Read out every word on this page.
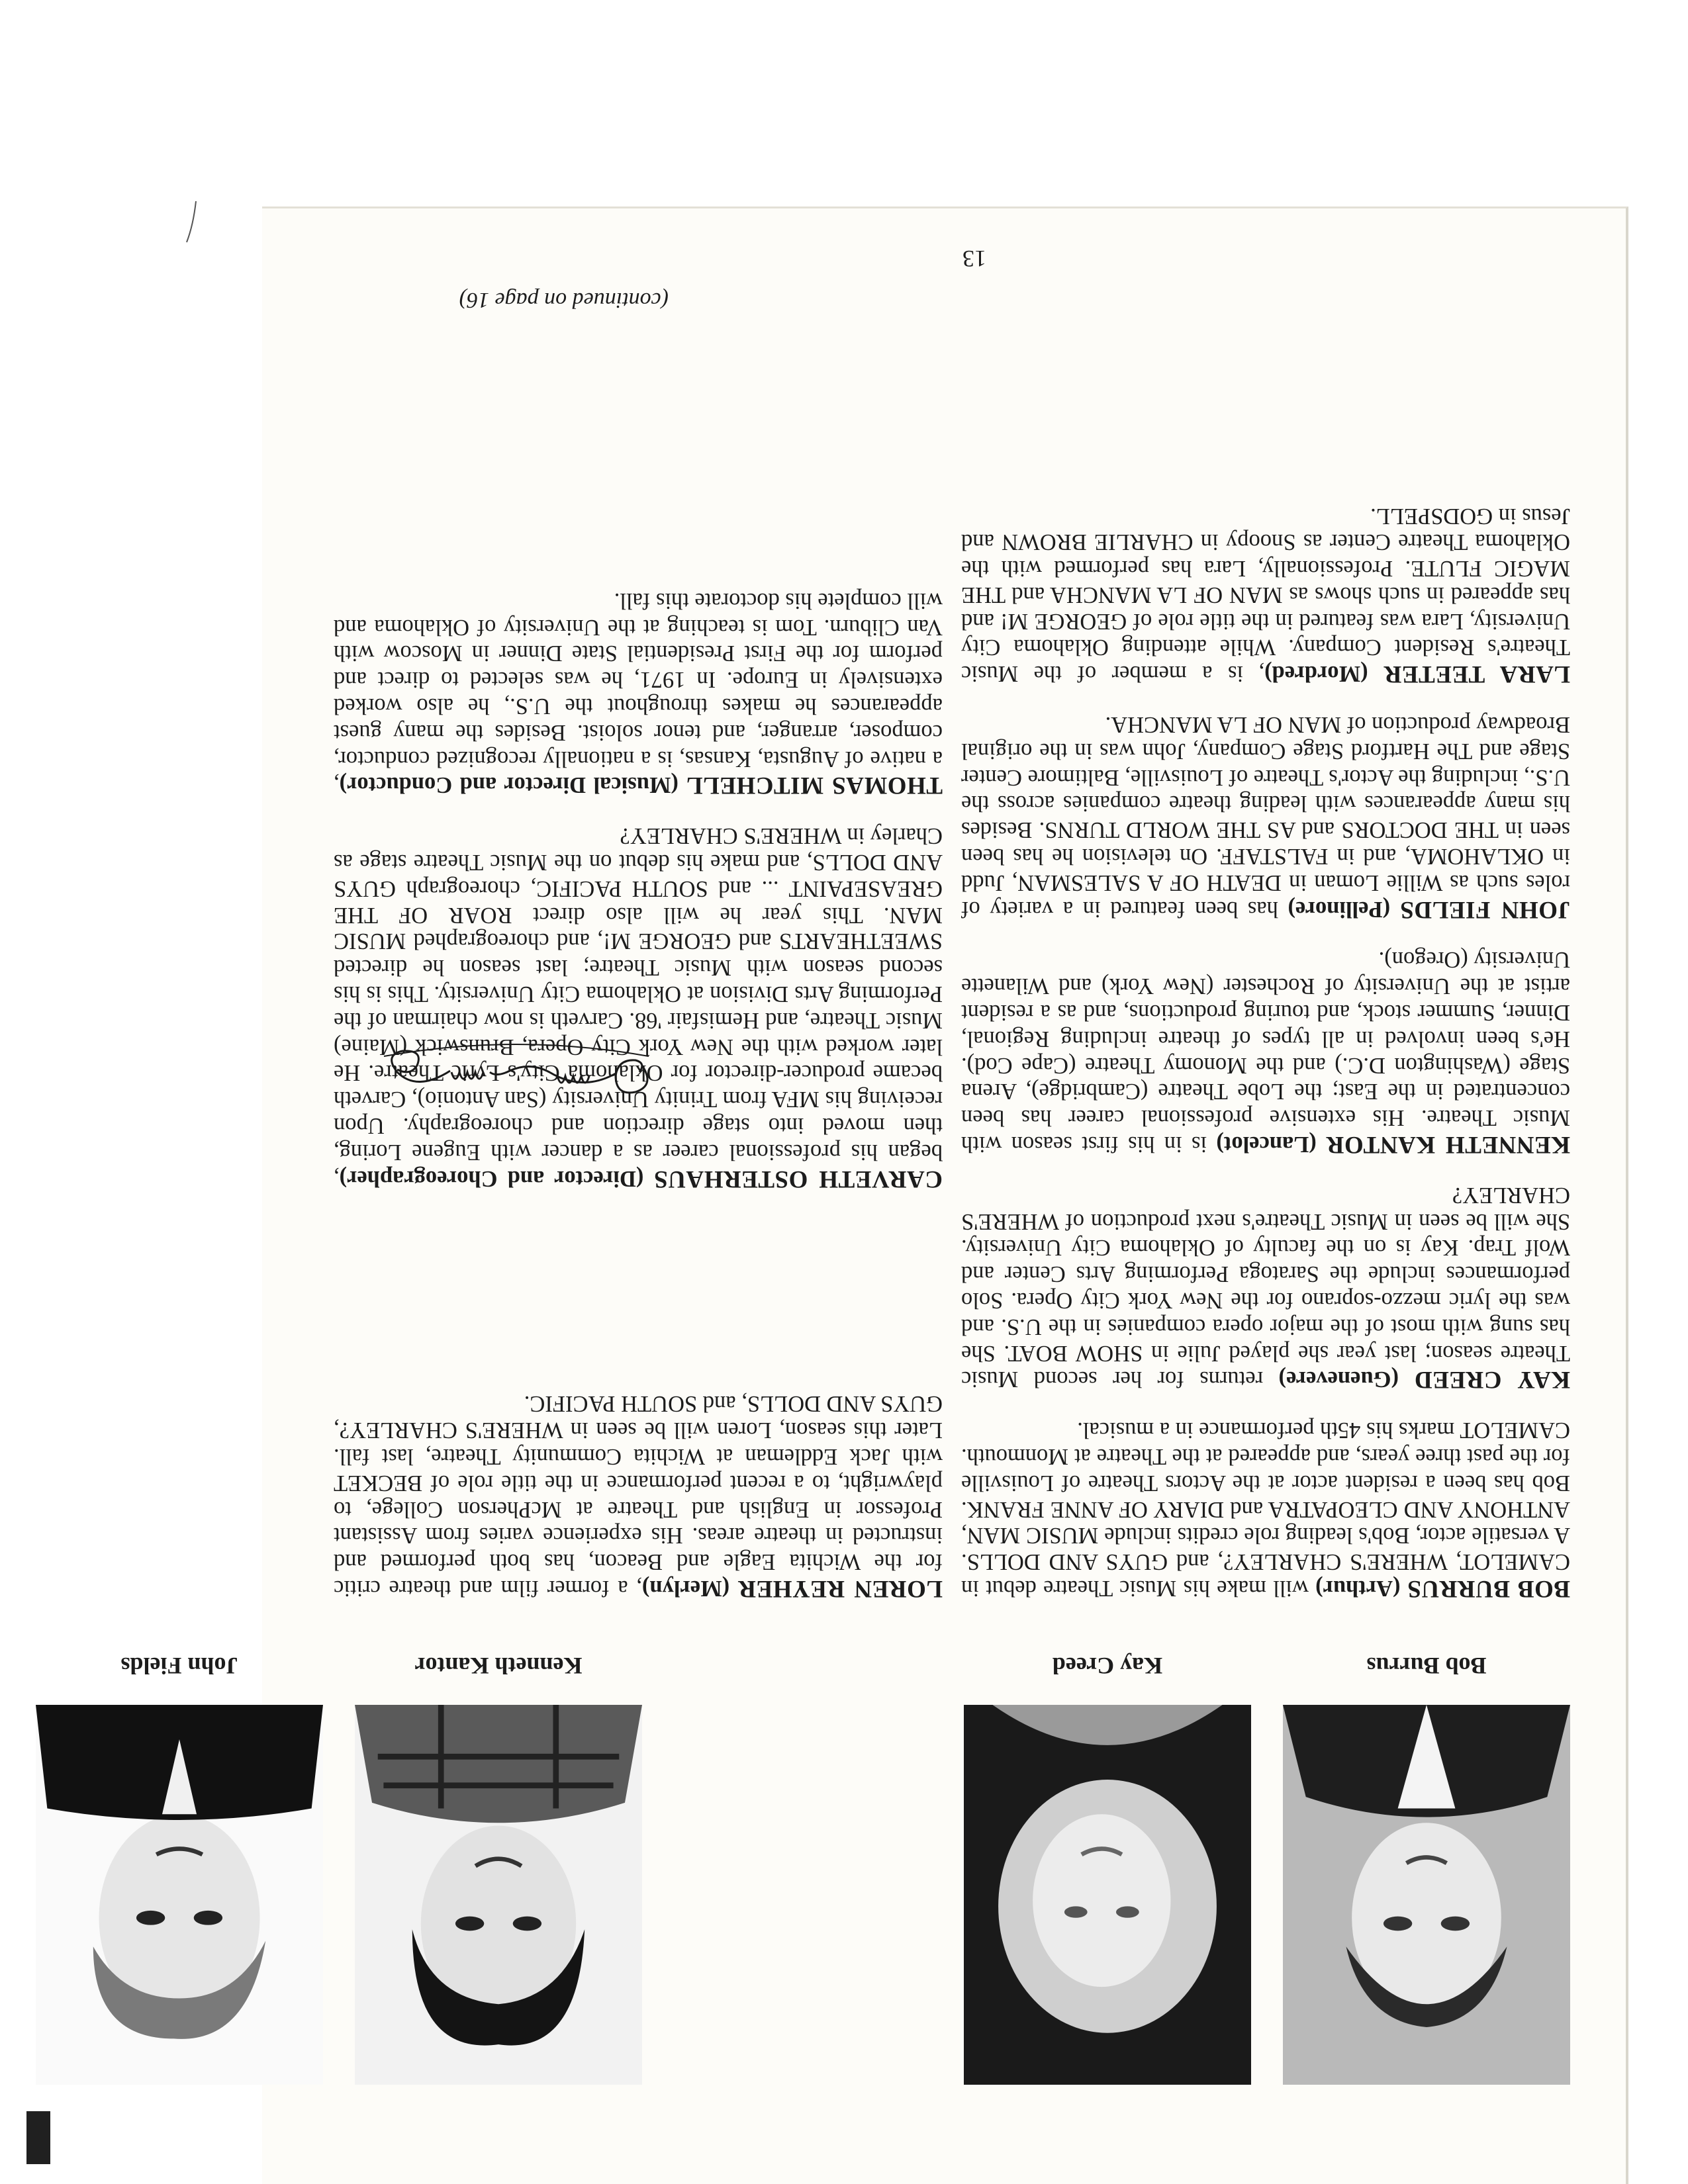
Bob Burrus
Kay Creed
Kenneth Kantor
John Fields

BOB BURRUS (Arthur) will make his Music Theatre debut in CAMELOT, WHERE'S CHARLEY?, and GUYS AND DOLLS. A versatile actor, Bob's leading role credits include MUSIC MAN, ANTHONY AND CLEOPATRA and DIARY OF ANNE FRANK. Bob has been a resident actor at the Actors Theatre of Louisville for the past three years, and appeared at the Theatre at Monmouth. CAMELOT marks his 45th performance in a musical.

KAY CREED (Guenevere) returns for her second Music Theatre season; last year she played Julie in SHOW BOAT. She has sung with most of the major opera companies in the U.S. and was the lyric mezzo-soprano for the New York City Opera. Solo performances include the Saratoga Performing Arts Center and Wolf Trap. Kay is on the faculty of Oklahoma City University. She will be seen in Music Theatre's next production of WHERE'S CHARLEY?

KENNETH KANTOR (Lancelot) is in his first season with Music Theatre. His extensive professional career has been concentrated in the East; the Lobe Theatre (Cambridge), Arena Stage (Washington D.C.) and the Monomy Theatre (Cape Cod). He's been involved in all types of theatre including Regional, Dinner, Summer stock, and touring productions, and as a resident artist at the University of Rochester (New York) and Wilanette University (Oregon).

JOHN FIELDS (Pellinore) has been featured in a variety of roles such as Willie Loman in DEATH OF A SALESMAN, Judd in OKLAHOMA, and in FALSTAFF. On television he has been seen in THE DOCTORS and AS THE WORLD TURNS. Besides his many appearances with leading theatre companies across the U.S., including the Actor's Theatre of Louisville, Baltimore Center Stage and The Hartford Stage Company, John was in the original Broadway production of MAN OF LA MANCHA.

LARA TEETER (Mordred), is a member of the Music Theatre's Resident Company. While attending Oklahoma City University, Lara was featured in the title role of GEORGE M! and has appeared in such shows as MAN OF LA MANCHA and THE MAGIC FLUTE. Professionally, Lara has performed with the Oklahoma Theatre Center as Snoopy in CHARLIE BROWN and Jesus in GODSPELL.

LOREN REYHER (Merlyn), a former film and theatre critic for the Wichita Eagle and Beacon, has both performed and instructed in theatre areas. His experience varies from Assistant Professor in English and Theatre at McPherson College, to playwright, to a recent performance in the title role of BECKET with Jack Eddleman at Wichita Community Theatre, last fall. Later this season, Loren will be seen in WHERE'S CHARLEY?, GUYS AND DOLLS, and SOUTH PACIFIC.

CARVETH OSTERHAUS (Director and Choreographer), began his professional career as a dancer with Eugene Loring, then moved into stage direction and choreography. Upon receiving his MFA from Trinity University (San Antonio), Carveth became producer-director for Oklahoma City's Lyric Theatre. He later worked with the New York City Opera, Brunswick (Maine) Music Theatre, and Hemisfair '68. Carveth is now chairman of the Performing Arts Division at Oklahoma City University. This is his second season with Music Theatre; last season he directed SWEETHEARTS and GEORGE M!, and choreographed MUSIC MAN. This year he will also direct ROAR OF THE GREASEPAINT ... and SOUTH PACIFIC, choreograph GUYS AND DOLLS, and make his debut on the Music Theatre stage as Charley in WHERE'S CHARLEY?

THOMAS MITCHELL (Musical Director and Conductor), a native of Augusta, Kansas, is a nationally recognized conductor, composer, arranger, and tenor soloist. Besides the many guest appearances he makes throughout the U.S., he also worked extensively in Europe. In 1971, he was selected to direct and perform for the First Presidential State Dinner in Moscow with Van Cliburn. Tom is teaching at the University of Oklahoma and will complete his doctorate this fall.

(continued on page 16)
13
